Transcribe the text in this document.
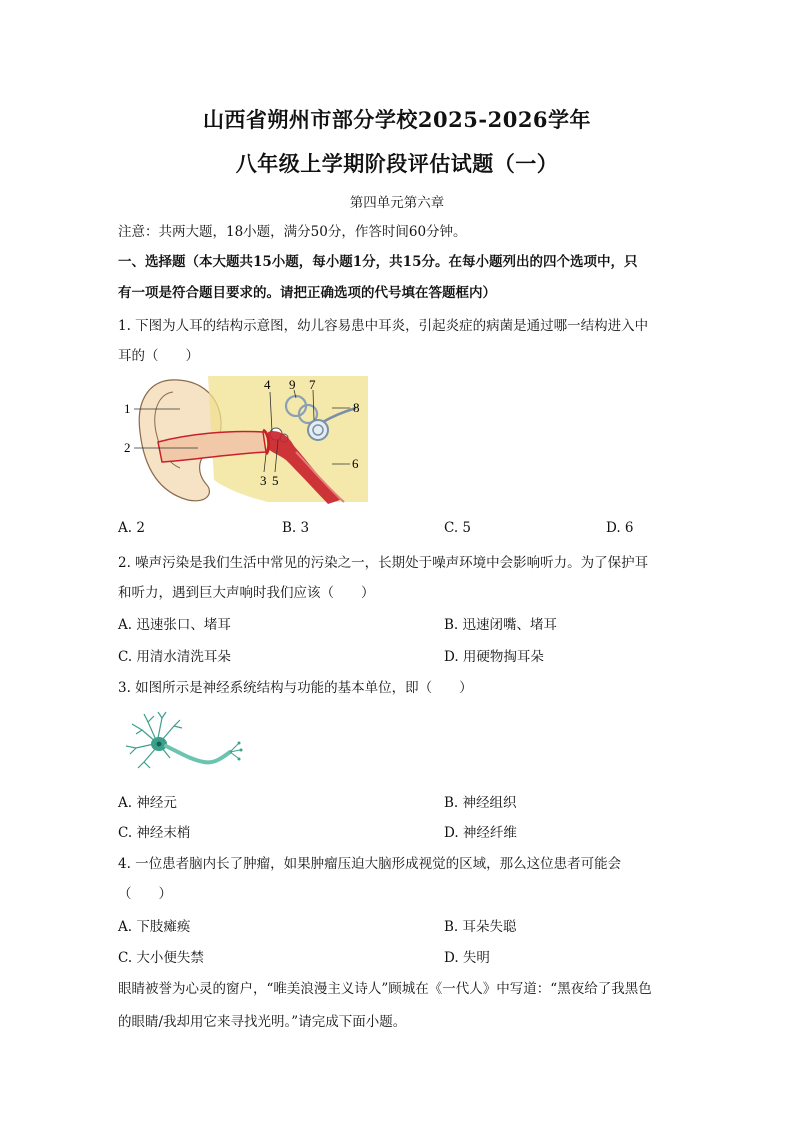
山西省朔州市部分学校2025-2026学年
八年级上学期阶段评估试题（一）
第四单元第六章
注意：共两大题，18小题，满分50分，作答时间60分钟。
一、选择题（本大题共15小题，每小题1分，共15分。在每小题列出的四个选项中，只
有一项是符合题目要求的。请把正确选项的代号填在答题框内）
1. 下图为人耳的结构示意图，幼儿容易患中耳炎，引起炎症的病菌是通过哪一结构进入中
耳的（　　）
1
2
3
4
5
6
7
8
9
A. 2	B. 3	C. 5	D. 6
2. 噪声污染是我们生活中常见的污染之一，长期处于噪声环境中会影响听力。为了保护耳
和听力，遇到巨大声响时我们应该（　　）
A. 迅速张口、堵耳	B. 迅速闭嘴、堵耳
C. 用清水清洗耳朵	D. 用硬物掏耳朵
3. 如图所示是神经系统结构与功能的基本单位，即（　　）
A. 神经元	B. 神经组织
C. 神经末梢	D. 神经纤维
4. 一位患者脑内长了肿瘤，如果肿瘤压迫大脑形成视觉的区域，那么这位患者可能会
（　　）
A. 下肢瘫痪	B. 耳朵失聪
C. 大小便失禁	D. 失明
眼睛被誉为心灵的窗户，“唯美浪漫主义诗人”顾城在《一代人》中写道：“黑夜给了我黑色
的眼睛/我却用它来寻找光明。”请完成下面小题。
